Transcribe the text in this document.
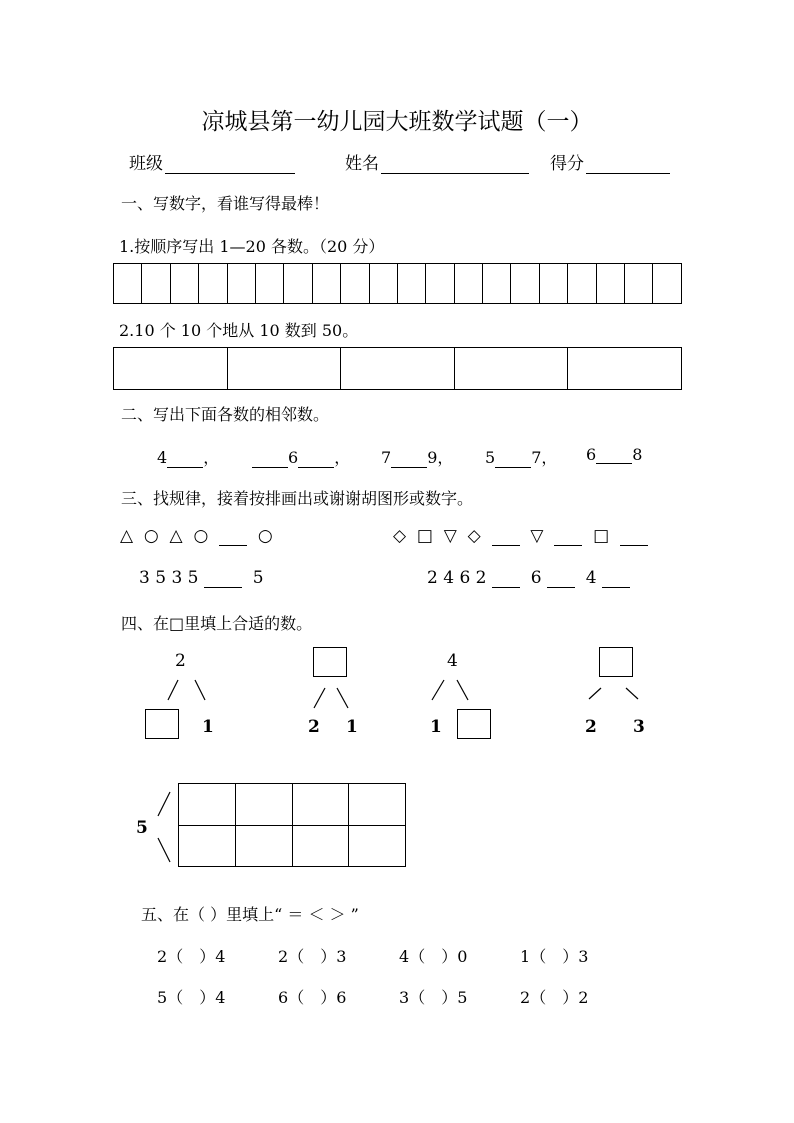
凉城县第一幼儿园大班数学试题（一）
班级	姓名	得分
一、写数字，看谁写得最棒！
1.按顺序写出 1—20 各数。（20 分）

2.10 个 10 个地从 10 数到 50。

二、写出下面各数的相邻数。
4 ，	6 ， 7 9， 5 7， 6 8
三、找规律，接着按排画出或谢谢胡图形或数字。
△ ○ △ ○	○	◇ □ ▽ ◇	▽	□
3 5 3 5	5	2 4 6 2	6	4
四、在□里填上合适的数。
2
1	2 1
4
1	2 3
5

五、在（ ）里填上“ ＝ ＜ ＞ ”
2（　）4	2（　）3	4（　）0	1（　）3
5（　）4	6（　）6	3（　）5	2（　）2
